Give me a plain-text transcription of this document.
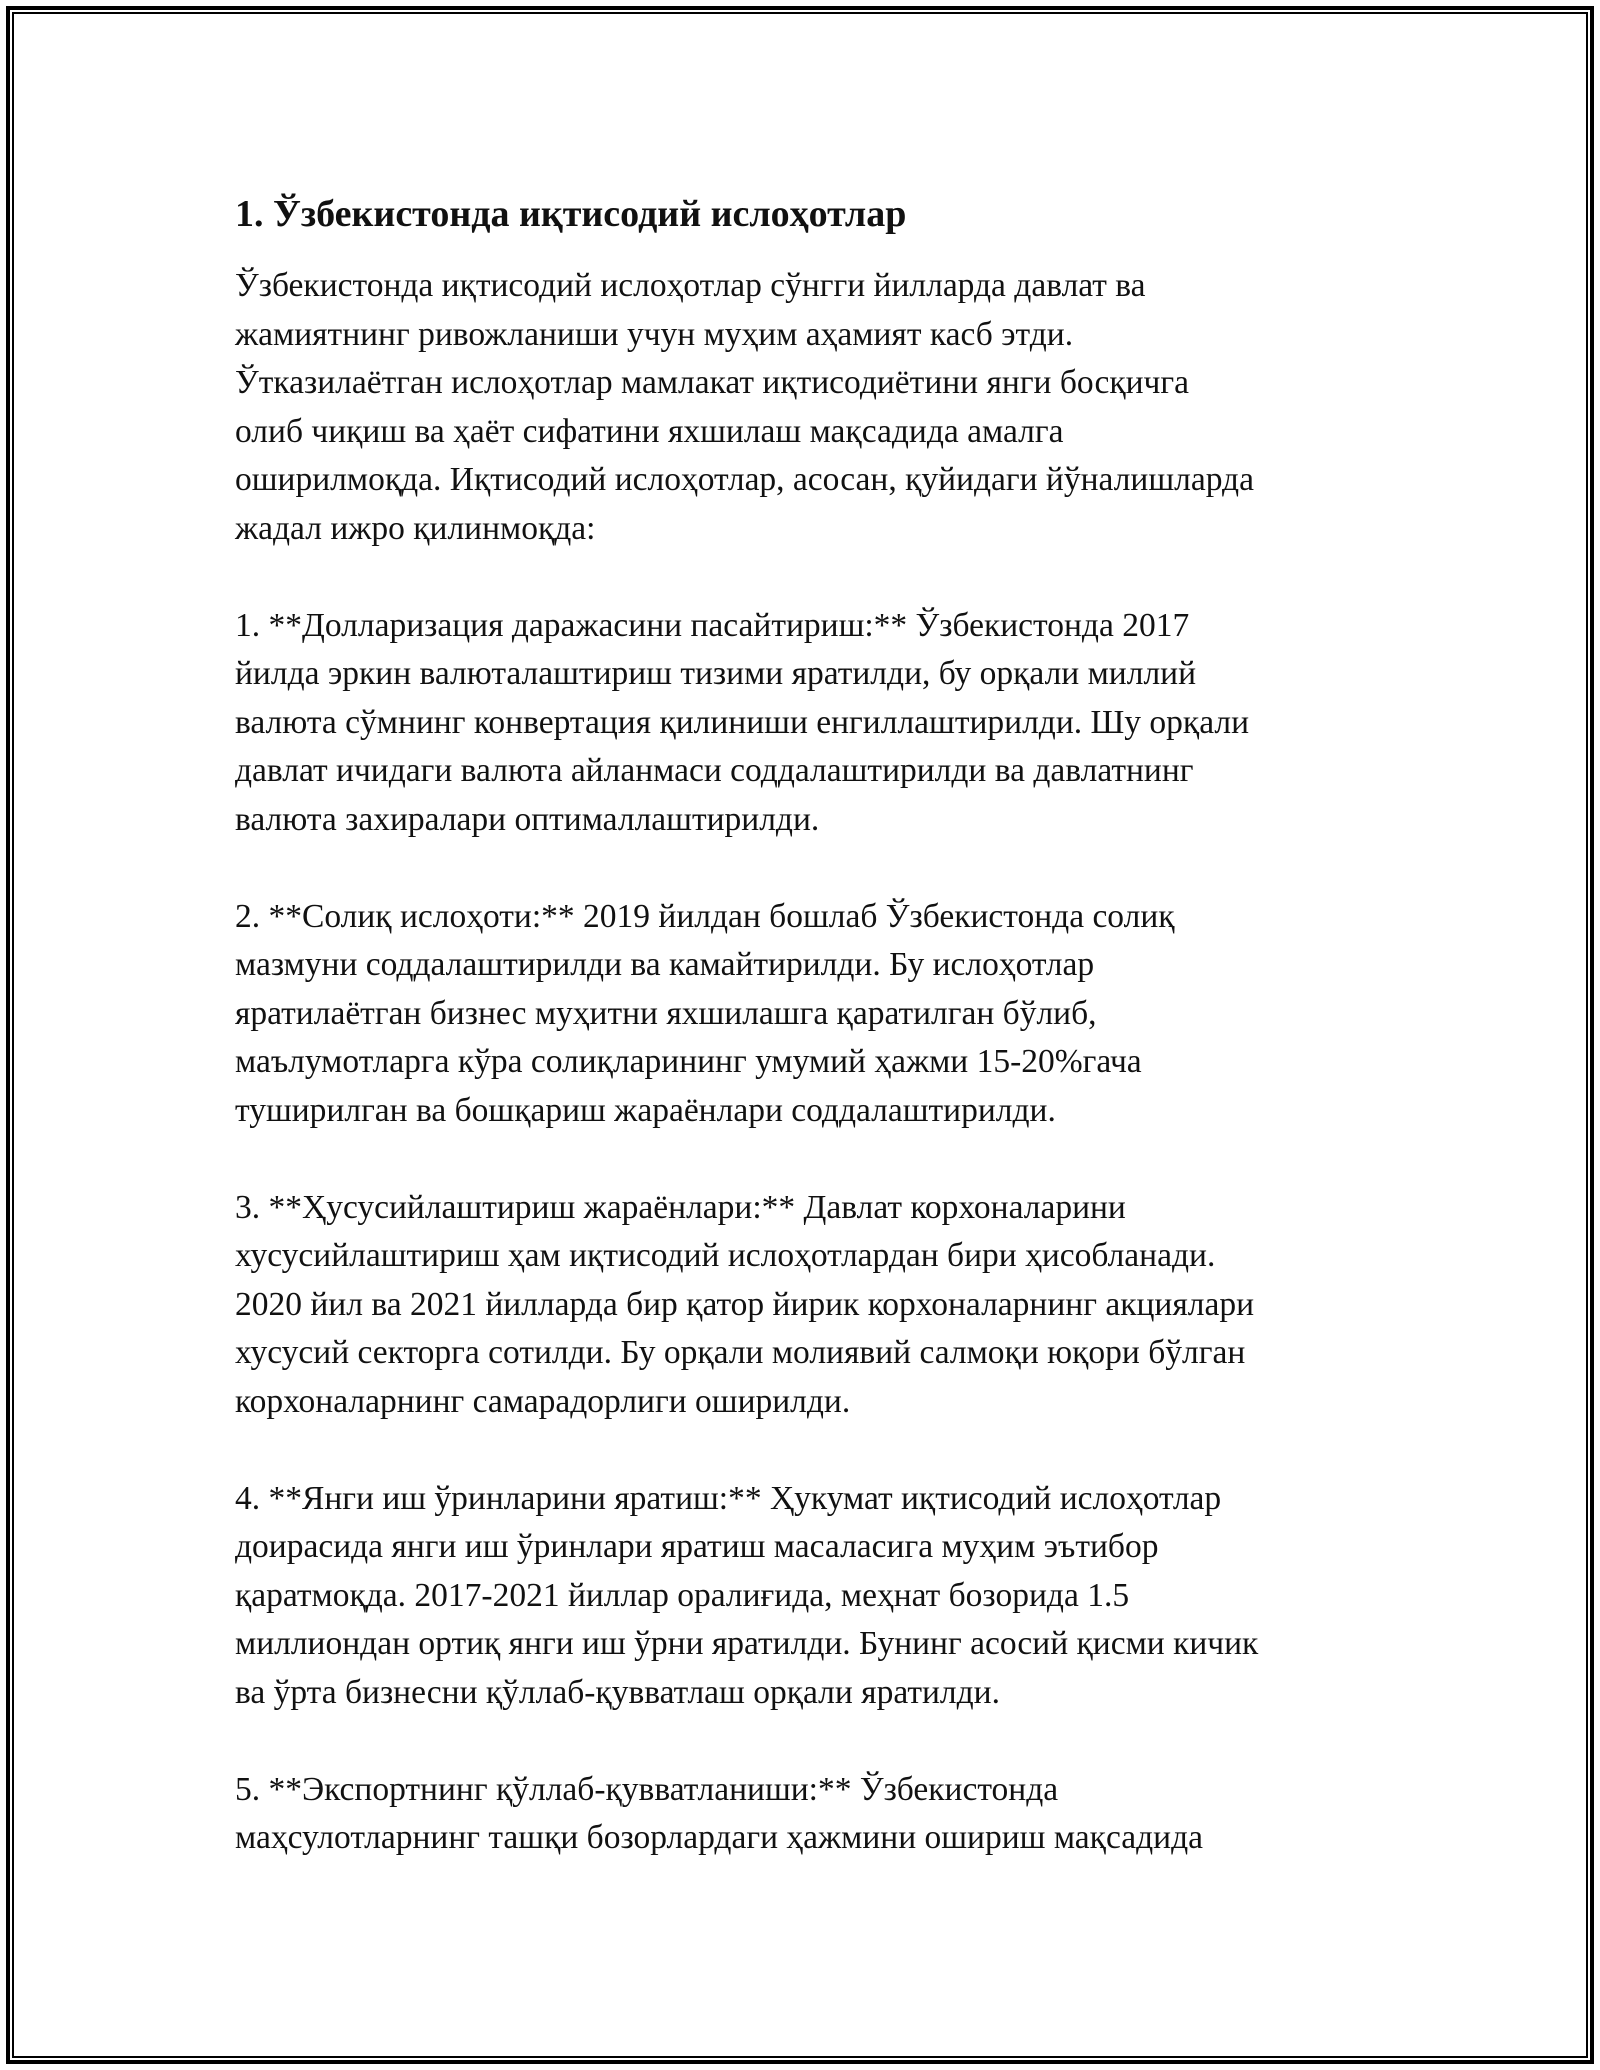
1. Ўзбекистонда иқтисодий ислоҳотлар
Ўзбекистонда иқтисодий ислоҳотлар сўнгги йилларда давлат ва
жамиятнинг ривожланиши учун муҳим аҳамият касб этди.
Ўтказилаётган ислоҳотлар мамлакат иқтисодиётини янги босқичга
олиб чиқиш ва ҳаёт сифатини яхшилаш мақсадида амалга
оширилмоқда. Иқтисодий ислоҳотлар, асосан, қуйидаги йўналишларда
жадал ижро қилинмоқда:
1. **Долларизация даражасини пасайтириш:** Ўзбекистонда 2017
йилда эркин валюталаштириш тизими яратилди, бу орқали миллий
валюта сўмнинг конвертация қилиниши енгиллаштирилди. Шу орқали
давлат ичидаги валюта айланмаси соддалаштирилди ва давлатнинг
валюта захиралари оптималлаштирилди.
2. **Солиқ ислоҳоти:** 2019 йилдан бошлаб Ўзбекистонда солиқ
мазмуни соддалаштирилди ва камайтирилди. Бу ислоҳотлар
яратилаётган бизнес муҳитни яхшилашга қаратилган бўлиб,
маълумотларга кўра солиқларининг умумий ҳажми 15-20%гача
туширилган ва бошқариш жараёнлари соддалаштирилди.
3. **Ҳусусийлаштириш жараёнлари:** Давлат корхоналарини
хусусийлаштириш ҳам иқтисодий ислоҳотлардан бири ҳисобланади.
2020 йил ва 2021 йилларда бир қатор йирик корхоналарнинг акциялари
хусусий секторга сотилди. Бу орқали молиявий салмоқи юқори бўлган
корхоналарнинг самарадорлиги оширилди.
4. **Янги иш ўринларини яратиш:** Ҳукумат иқтисодий ислоҳотлар
доирасида янги иш ўринлари яратиш масаласига муҳим эътибор
қаратмоқда. 2017-2021 йиллар оралиғида, меҳнат бозорида 1.5
миллиондан ортиқ янги иш ўрни яратилди. Бунинг асосий қисми кичик
ва ўрта бизнесни қўллаб-қувватлаш орқали яратилди.
5. **Экспортнинг қўллаб-қувватланиши:** Ўзбекистонда
маҳсулотларнинг ташқи бозорлардаги ҳажмини ошириш мақсадида
